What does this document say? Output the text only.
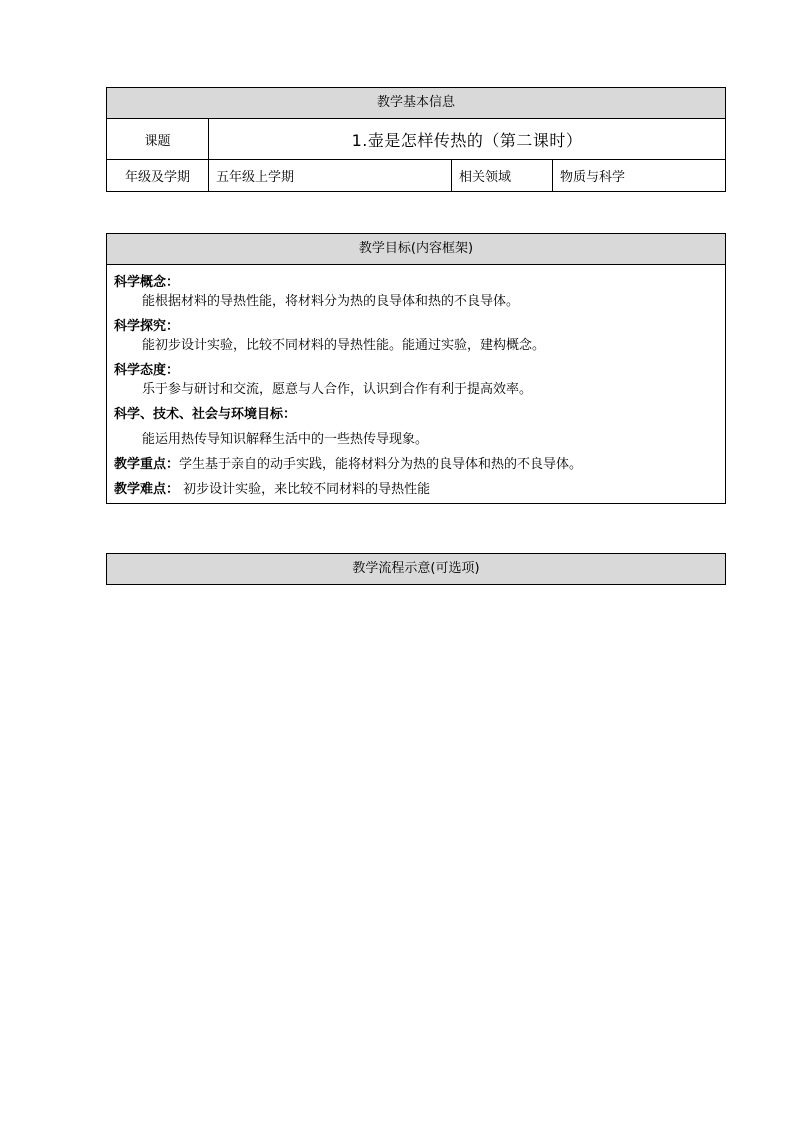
教学基本信息
课题	1.壶是怎样传热的（第二课时）
年级及学期	五年级上学期	相关领域	物质与科学
教学目标(内容框架)
科学概念：
能根据材料的导热性能，将材料分为热的良导体和热的不良导体。
科学探究：
能初步设计实验，比较不同材料的导热性能。能通过实验，建构概念。
科学态度：
乐于参与研讨和交流，愿意与人合作，认识到合作有利于提高效率。
科学、技术、社会与环境目标：
能运用热传导知识解释生活中的一些热传导现象。
教学重点：学生基于亲自的动手实践，能将材料分为热的良导体和热的不良导体。
教学难点： 初步设计实验，来比较不同材料的导热性能
教学流程示意(可选项)
